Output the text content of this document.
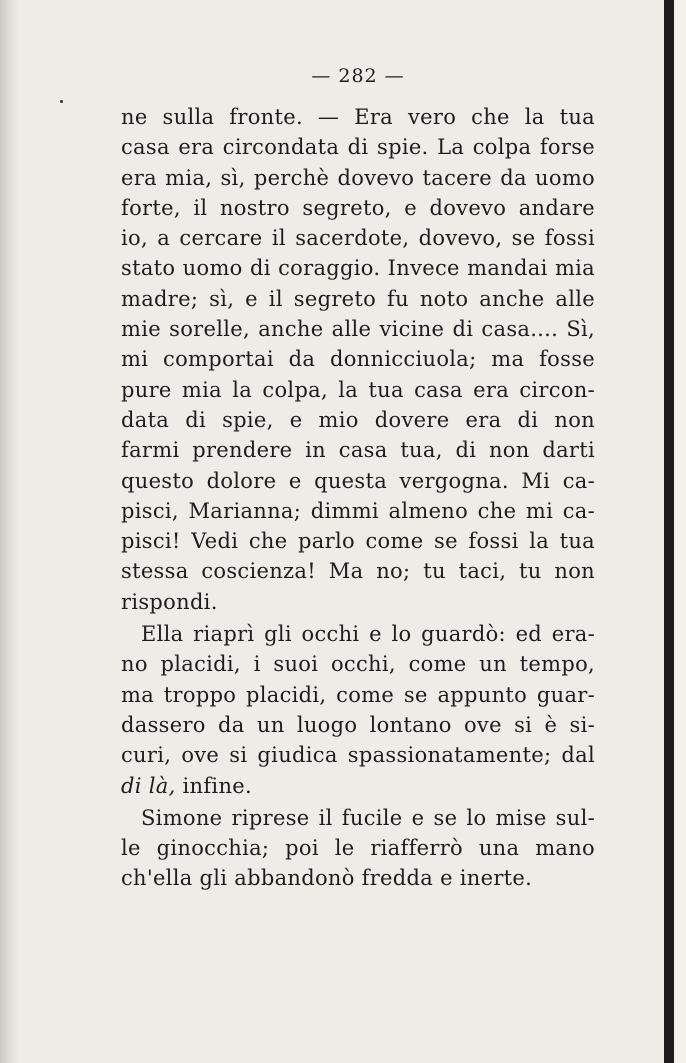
— 282 —
ne sulla fronte. — Era vero che la tua
casa era circondata di spie. La colpa forse
era mia, sì, perchè dovevo tacere da uomo
forte, il nostro segreto, e dovevo andare
io, a cercare il sacerdote, dovevo, se fossi
stato uomo di coraggio. Invece mandai mia
madre; sì, e il segreto fu noto anche alle
mie sorelle, anche alle vicine di casa.... Sì,
mi comportai da donnicciuola; ma fosse
pure mia la colpa, la tua casa era circon-
data di spie, e mio dovere era di non
farmi prendere in casa tua, di non darti
questo dolore e questa vergogna. Mi ca-
pisci, Marianna; dimmi almeno che mi ca-
pisci! Vedi che parlo come se fossi la tua
stessa coscienza! Ma no; tu taci, tu non
rispondi.
Ella riaprì gli occhi e lo guardò: ed era-
no placidi, i suoi occhi, come un tempo,
ma troppo placidi, come se appunto guar-
dassero da un luogo lontano ove si è si-
curi, ove si giudica spassionatamente; dal
di là, infine.
Simone riprese il fucile e se lo mise sul-
le ginocchia; poi le riafferrò una mano
ch'ella gli abbandonò fredda e inerte.
